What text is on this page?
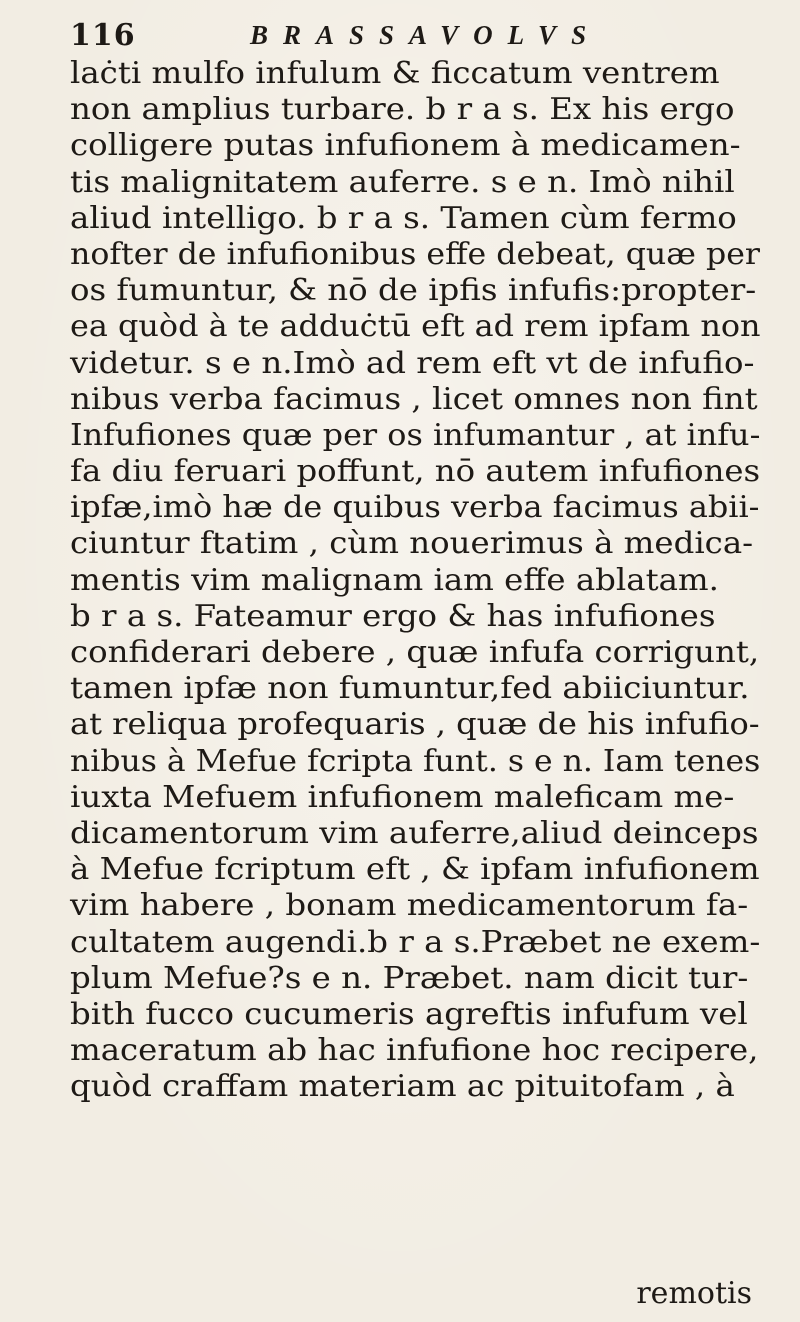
116	BRASSAVOLVS
laċti mulfo infulum & ficcatum ventrem
non amplius turbare. b r a s. Ex his ergo
colligere putas infufionem à medicamen-
tis malignitatem auferre. s e n. Imò nihil
aliud intelligo. b r a s. Tamen cùm fermo
nofter de infufionibus effe debeat, quæ per
os fumuntur, & nō de ipfis infufis:propter-
ea quòd à te adduċtū eft ad rem ipfam non
videtur. s e n.Imò ad rem eft vt de infufio-
nibus verba facimus , licet omnes non fint
Infufiones quæ per os infumantur , at infu-
fa diu feruari poffunt, nō autem infufiones
ipfæ,imò hæ de quibus verba facimus abii-
ciuntur ftatim , cùm nouerimus à medica-
mentis vim malignam iam effe ablatam.
b r a s. Fateamur ergo & has infufiones
confiderari debere , quæ infufa corrigunt,
tamen ipfæ non fumuntur,fed abiiciuntur.
at reliqua profequaris , quæ de his infufio-
nibus à Mefue fcripta funt. s e n. Iam tenes
iuxta Mefuem infufionem maleficam me-
dicamentorum vim auferre,aliud deinceps
à Mefue fcriptum eft , & ipfam infufionem
vim habere , bonam medicamentorum fa-
cultatem augendi.b r a s.Præbet ne exem-
plum Mefue?s e n. Præbet. nam dicit tur-
bith fucco cucumeris agreftis infufum vel
maceratum ab hac infufione hoc recipere,
quòd craffam materiam ac pituitofam , à
remotis
